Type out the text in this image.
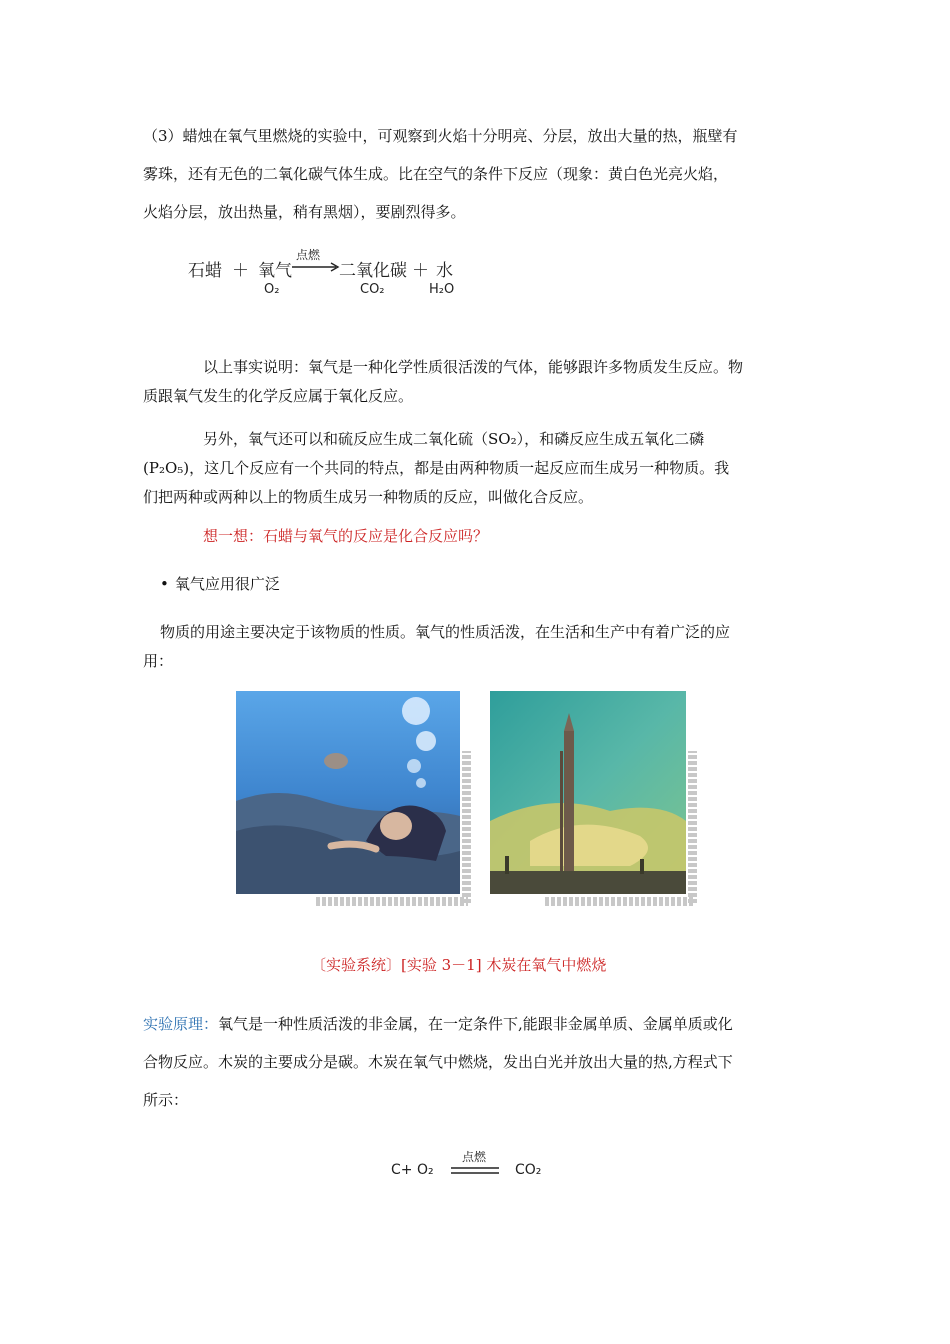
（3）蜡烛在氧气里燃烧的实验中，可观察到火焰十分明亮、分层，放出大量的热，瓶壁有
雾珠，还有无色的二氧化碳气体生成。比在空气的条件下反应（现象：黄白色光亮火焰，
火焰分层，放出热量，稍有黑烟），要剧烈得多。
石蜡 ＋ 氧气
点燃
二氧化碳 ＋ 水
O₂	CO₂	H₂O
以上事实说明：氧气是一种化学性质很活泼的气体，能够跟许多物质发生反应。物
质跟氧气发生的化学反应属于氧化反应。
另外，氧气还可以和硫反应生成二氧化硫（SO₂），和磷反应生成五氧化二磷
(P₂O₅)，这几个反应有一个共同的特点，都是由两种物质一起反应而生成另一种物质。我
们把两种或两种以上的物质生成另一种物质的反应，叫做化合反应。
想一想：石蜡与氧气的反应是化合反应吗？
• 氧气应用很广泛
物质的用途主要决定于该物质的性质。氧气的性质活泼，在生活和生产中有着广泛的应
用：
〔实验系统〕[实验 3－1] 木炭在氧气中燃烧
实验原理：氧气是一种性质活泼的非金属，在一定条件下,能跟非金属单质、金属单质或化
合物反应。木炭的主要成分是碳。木炭在氧气中燃烧，发出白光并放出大量的热,方程式下
所示：
C+ O₂
点燃
CO₂
